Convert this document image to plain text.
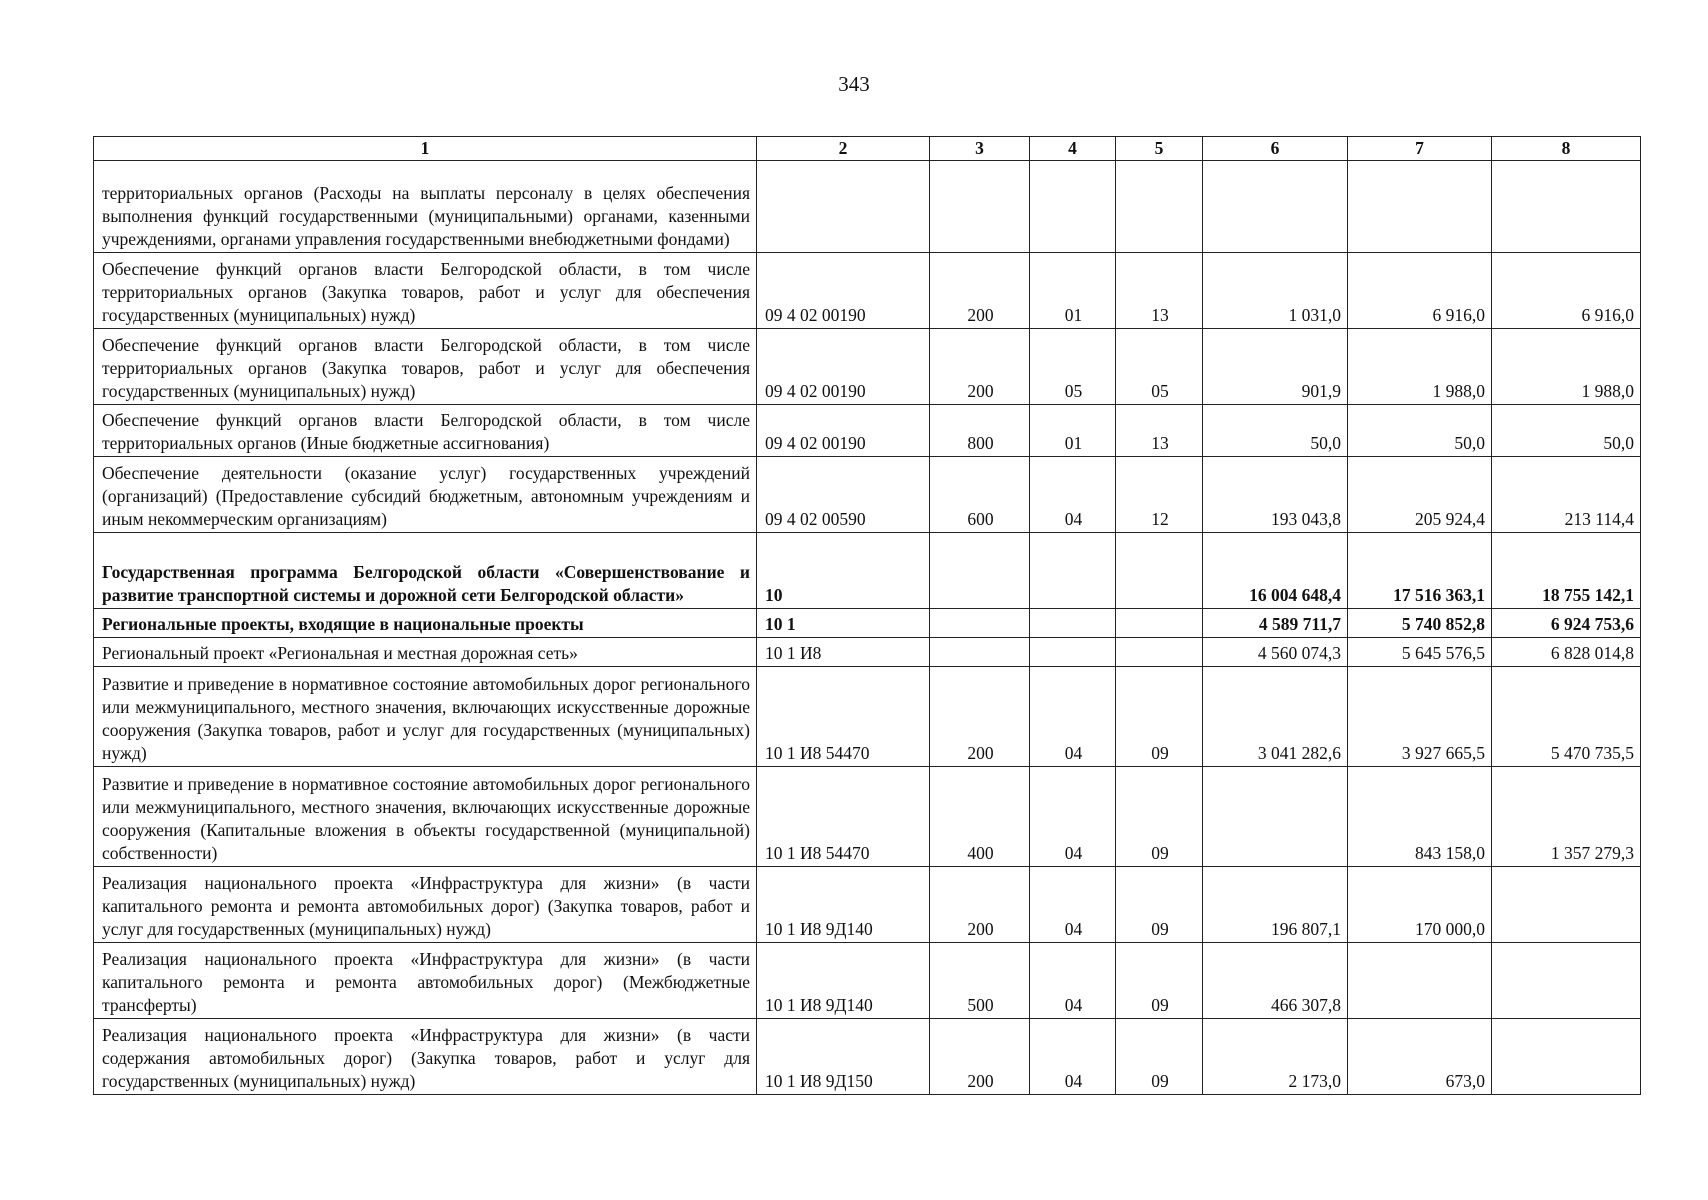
343
1	2	3	4	5	6	7	8
территориальных органов (Расходы на выплаты персоналу в целях обеспечения выполнения функций государственными (муниципальными) органами, казенными учреждениями, органами управления государственными внебюджетными фондами)							
Обеспечение функций органов власти Белгородской области, в том числе территориальных органов (Закупка товаров, работ и услуг для обеспечения государственных (муниципальных) нужд)	09 4 02 00190	200	01	13	1 031,0	6 916,0	6 916,0
Обеспечение функций органов власти Белгородской области, в том числе территориальных органов (Закупка товаров, работ и услуг для обеспечения государственных (муниципальных) нужд)	09 4 02 00190	200	05	05	901,9	1 988,0	1 988,0
Обеспечение функций органов власти Белгородской области, в том числе территориальных органов (Иные бюджетные ассигнования)	09 4 02 00190	800	01	13	50,0	50,0	50,0
Обеспечение деятельности (оказание услуг) государственных учреждений (организаций) (Предоставление субсидий бюджетным, автономным учреждениям и иным некоммерческим организациям)	09 4 02 00590	600	04	12	193 043,8	205 924,4	213 114,4
Государственная программа Белгородской области «Совершенствование и развитие транспортной системы и дорожной сети Белгородской области»	10				16 004 648,4	17 516 363,1	18 755 142,1
Региональные проекты, входящие в национальные проекты	10 1				4 589 711,7	5 740 852,8	6 924 753,6
Региональный проект «Региональная и местная дорожная сеть»	10 1 И8				4 560 074,3	5 645 576,5	6 828 014,8
Развитие и приведение в нормативное состояние автомобильных дорог регионального или межмуниципального, местного значения, включающих искусственные дорожные сооружения (Закупка товаров, работ и услуг для государственных (муниципальных) нужд)	10 1 И8 54470	200	04	09	3 041 282,6	3 927 665,5	5 470 735,5
Развитие и приведение в нормативное состояние автомобильных дорог регионального или межмуниципального, местного значения, включающих искусственные дорожные сооружения (Капитальные вложения в объекты государственной (муниципальной) собственности)	10 1 И8 54470	400	04	09		843 158,0	1 357 279,3
Реализация национального проекта «Инфраструктура для жизни» (в части капитального ремонта и ремонта автомобильных дорог) (Закупка товаров, работ и услуг для государственных (муниципальных) нужд)	10 1 И8 9Д140	200	04	09	196 807,1	170 000,0	
Реализация национального проекта «Инфраструктура для жизни» (в части капитального ремонта и ремонта автомобильных дорог) (Межбюджетные трансферты)	10 1 И8 9Д140	500	04	09	466 307,8		
Реализация национального проекта «Инфраструктура для жизни» (в части содержания автомобильных дорог) (Закупка товаров, работ и услуг для государственных (муниципальных) нужд)	10 1 И8 9Д150	200	04	09	2 173,0	673,0	
